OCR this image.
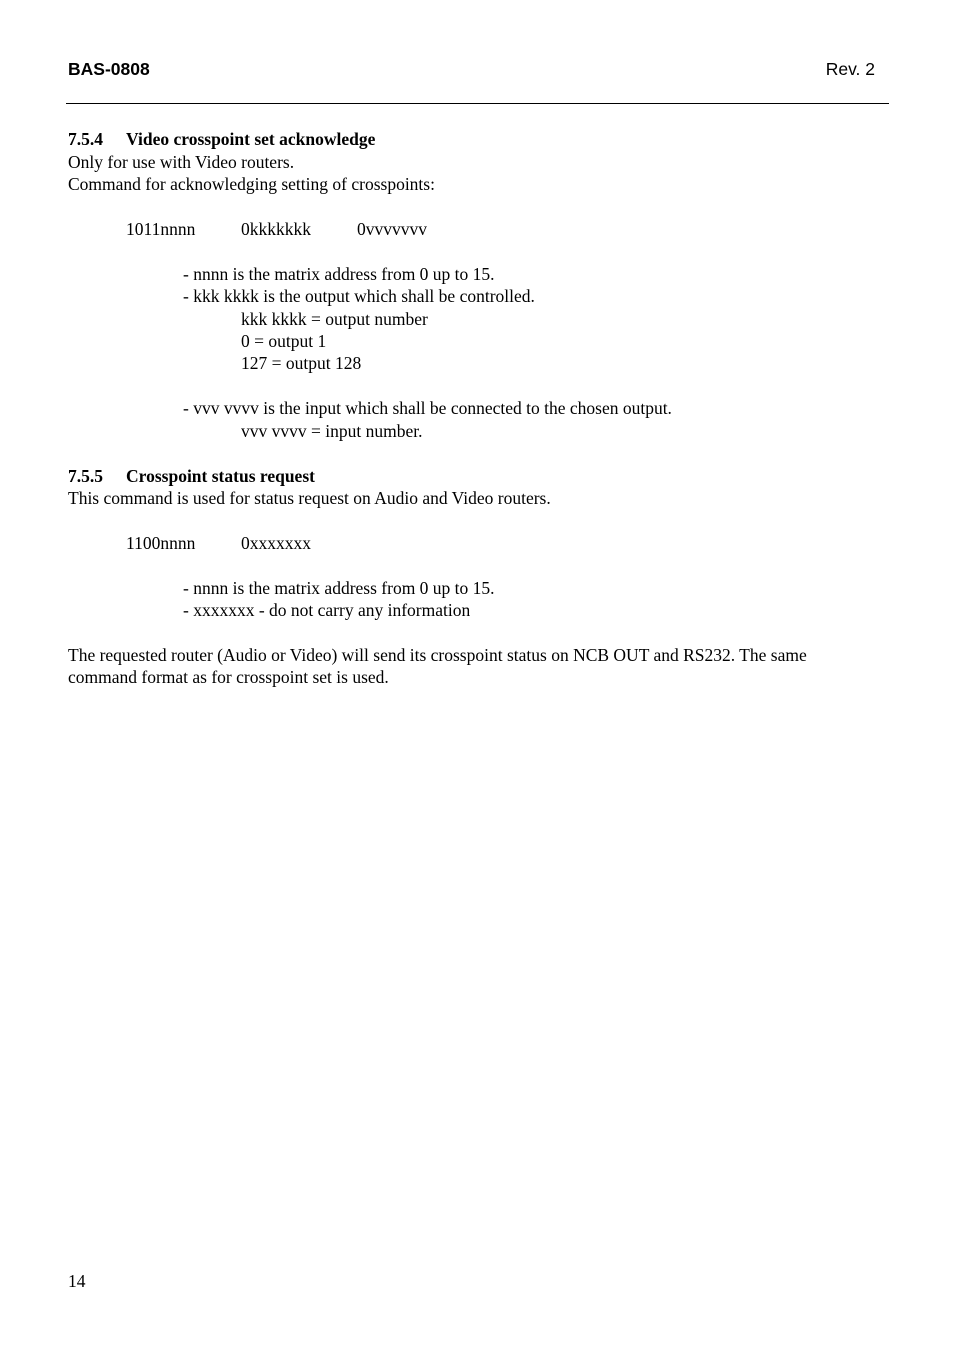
BAS-0808	Rev. 2
7.5.4 Video crosspoint set acknowledge
Only for use with Video routers.
Command for acknowledging setting of crosspoints:
1011nnnn	0kkkkkkk	0vvvvvvv
- nnnn is the matrix address from 0 up to 15.
- kkk kkkk is the output which shall be controlled.
kkk kkkk = output number
0 = output 1
127 = output 128
- vvv vvvv is the input which shall be connected to the chosen output.
vvv vvvv = input number.
7.5.5 Crosspoint status request
This command is used for status request on Audio and Video routers.
1100nnnn	0xxxxxxx
- nnnn is the matrix address from 0 up to 15.
- xxxxxxx - do not carry any information
The requested router (Audio or Video) will send its crosspoint status on NCB OUT and RS232. The same
command format as for crosspoint set is used.
14
